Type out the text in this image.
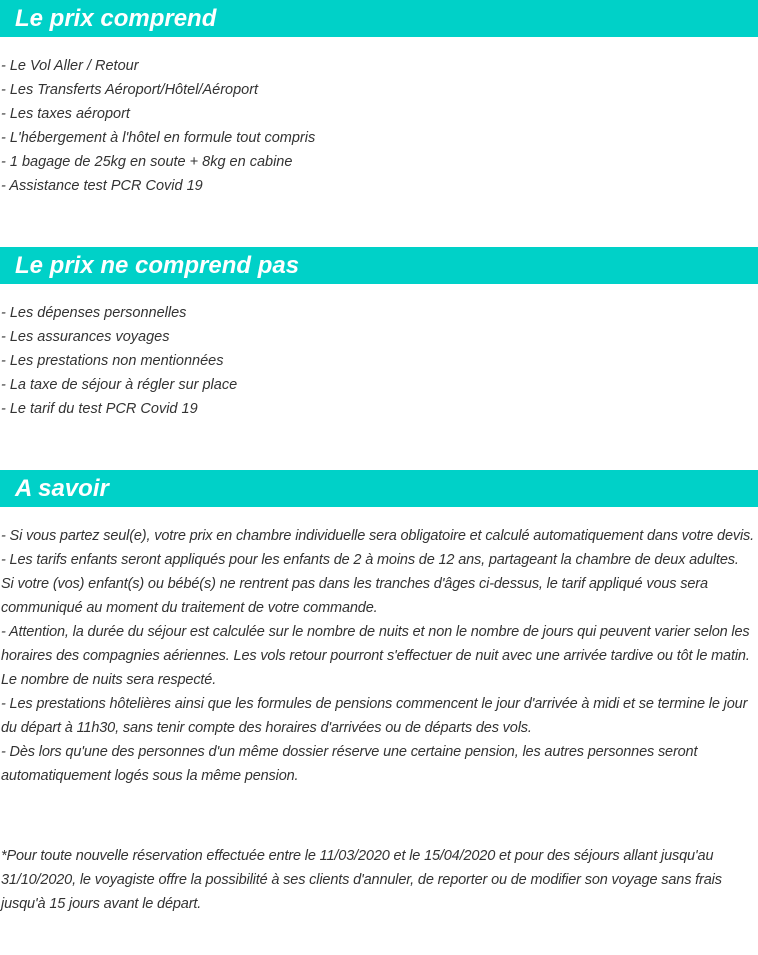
Le prix comprend
- Le Vol Aller / Retour
- Les Transferts Aéroport/Hôtel/Aéroport
- Les taxes aéroport
- L'hébergement à l'hôtel en formule tout compris
- 1 bagage de 25kg en soute + 8kg en cabine
- Assistance test PCR Covid 19
Le prix ne comprend pas
- Les dépenses personnelles
- Les assurances voyages
- Les prestations non mentionnées
- La taxe de séjour à régler sur place
- Le tarif du test PCR Covid 19
A savoir
- Si vous partez seul(e), votre prix en chambre individuelle sera obligatoire et calculé automatiquement dans votre devis.
- Les tarifs enfants seront appliqués pour les enfants de 2 à moins de 12 ans, partageant la chambre de deux adultes.
Si votre (vos) enfant(s) ou bébé(s) ne rentrent pas dans les tranches d'âges ci-dessus, le tarif appliqué vous sera communiqué au moment du traitement de votre commande.
- Attention, la durée du séjour est calculée sur le nombre de nuits et non le nombre de jours qui peuvent varier selon les horaires des compagnies aériennes. Les vols retour pourront s'effectuer de nuit avec une arrivée tardive ou tôt le matin. Le nombre de nuits sera respecté.
- Les prestations hôtelières ainsi que les formules de pensions commencent le jour d'arrivée à midi et se termine le jour du départ à 11h30, sans tenir compte des horaires d'arrivées ou de départs des vols.
- Dès lors qu'une des personnes d'un même dossier réserve une certaine pension, les autres personnes seront automatiquement logés sous la même pension.

*Pour toute nouvelle réservation effectuée entre le 11/03/2020 et le 15/04/2020 et pour des séjours allant jusqu'au 31/10/2020, le voyagiste offre la possibilité à ses clients d'annuler, de reporter ou de modifier son voyage sans frais jusqu'à 15 jours avant le départ.
